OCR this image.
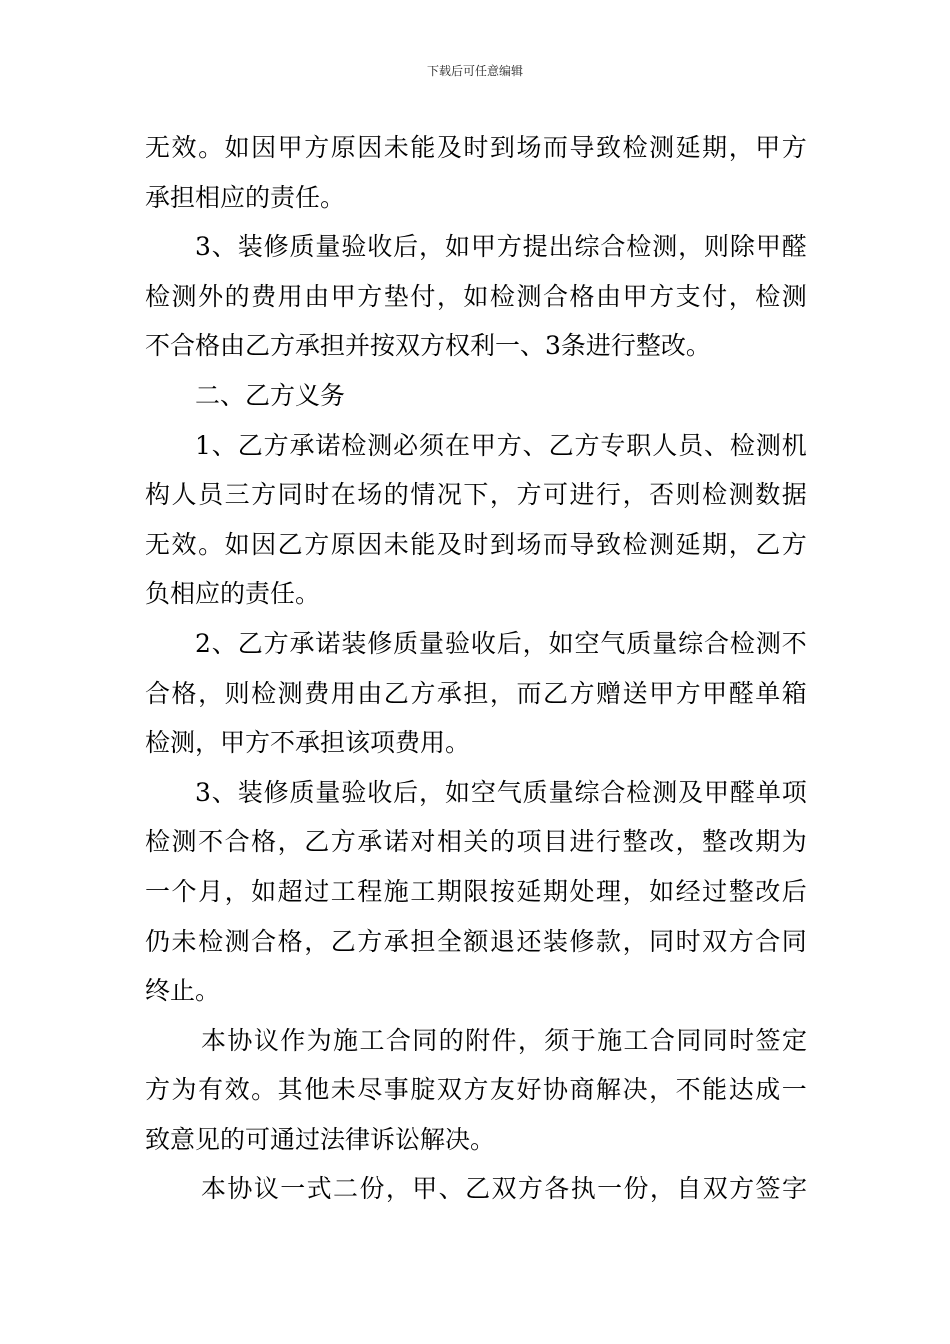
下载后可任意编辑
无 效 。 如 因 甲 方 原 因 未 能 及 时 到 场 而 导 致 检 测 延 期 ， 甲 方
承担相应的责任。
3 、 装 修 质 量 验 收 后 ， 如 甲 方 提 出 综 合 检 测 ， 则 除 甲 醛
检 测 外 的 费 用 由 甲 方 垫 付 ， 如 检 测 合 格 由 甲 方 支 付 ， 检 测
不合格由乙方承担并按双方权利一、3条进行整改。
二、乙方义务
1 、 乙 方 承 诺 检 测 必 须 在 甲 方 、 乙 方 专 职 人 员 、 检 测 机
构 人 员 三 方 同 时 在 场 的 情 况 下 ， 方 可 进 行 ， 否 则 检 测 数 据
无 效 。 如 因 乙 方 原 因 未 能 及 时 到 场 而 导 致 检 测 延 期 ， 乙 方
负相应的责任。
2 、 乙 方 承 诺 装 修 质 量 验 收 后 ， 如 空 气 质 量 综 合 检 测 不
合 格 ， 则 检 测 费 用 由 乙 方 承 担 ， 而 乙 方 赠 送 甲 方 甲 醛 单 箱
检测，甲方不承担该项费用。
3 、 装 修 质 量 验 收 后 ， 如 空 气 质 量 综 合 检 测 及 甲 醛 单 项
检 测 不 合 格 ， 乙 方 承 诺 对 相 关 的 项 目 进 行 整 改 ， 整 改 期 为
一 个 月 ， 如 超 过 工 程 施 工 期 限 按 延 期 处 理 ， 如 经 过 整 改 后
仍 未 检 测 合 格 ， 乙 方 承 担 全 额 退 还 装 修 款 ， 同 时 双 方 合 同
终止。
本 协 议 作 为 施 工 合 同 的 附 件 ， 须 于 施 工 合 同 同 时 签 定
方 为 有 效 。 其 他 未 尽 事 腚 双 方 友 好 协 商 解 决 ， 不 能 达 成 一
致意见的可通过法律诉讼解决。
本 协 议 一 式 二 份 ， 甲 、 乙 双 方 各 执 一 份 ， 自 双 方 签 字
